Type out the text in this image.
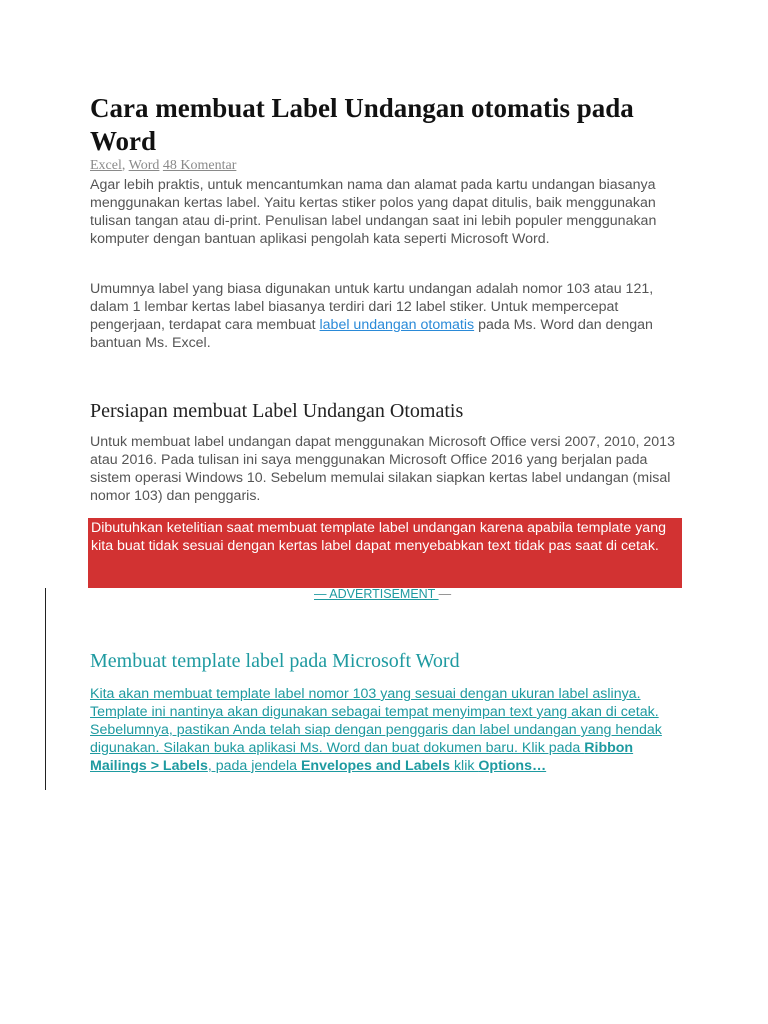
Cara membuat Label Undangan otomatis pada Word
Excel, Word 48 Komentar

Agar lebih praktis, untuk mencantumkan nama dan alamat pada kartu undangan biasanya menggunakan kertas label. Yaitu kertas stiker polos yang dapat ditulis, baik menggunakan tulisan tangan atau di-print. Penulisan label undangan saat ini lebih populer menggunakan komputer dengan bantuan aplikasi pengolah kata seperti Microsoft Word.

Umumnya label yang biasa digunakan untuk kartu undangan adalah nomor 103 atau 121, dalam 1 lembar kertas label biasanya terdiri dari 12 label stiker. Untuk mempercepat pengerjaan, terdapat cara membuat label undangan otomatis pada Ms. Word dan dengan bantuan Ms. Excel.

Persiapan membuat Label Undangan Otomatis

Untuk membuat label undangan dapat menggunakan Microsoft Office versi 2007, 2010, 2013 atau 2016. Pada tulisan ini saya menggunakan Microsoft Office 2016 yang berjalan pada sistem operasi Windows 10. Sebelum memulai silakan siapkan kertas label undangan (misal nomor 103) dan penggaris.

Dibutuhkan ketelitian saat membuat template label undangan karena apabila template yang kita buat tidak sesuai dengan kertas label dapat menyebabkan text tidak pas saat di cetak.
— ADVERTISEMENT —
Membuat template label pada Microsoft Word
Kita akan membuat template label nomor 103 yang sesuai dengan ukuran label aslinya. Template ini nantinya akan digunakan sebagai tempat menyimpan text yang akan di cetak. Sebelumnya, pastikan Anda telah siap dengan penggaris dan label undangan yang hendak digunakan. Silakan buka aplikasi Ms. Word dan buat dokumen baru. Klik pada Ribbon Mailings > Labels, pada jendela Envelopes and Labels klik Options…
